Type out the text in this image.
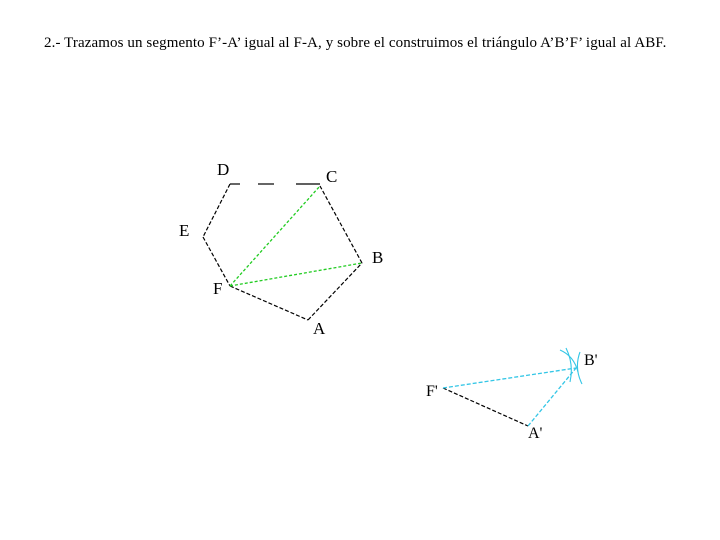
2.- Trazamos un segmento F’-A’ igual al F-A, y sobre el construimos el triángulo A’B’F’ igual al ABF.
D	C
E
B
F
A
B'
F'
A'
